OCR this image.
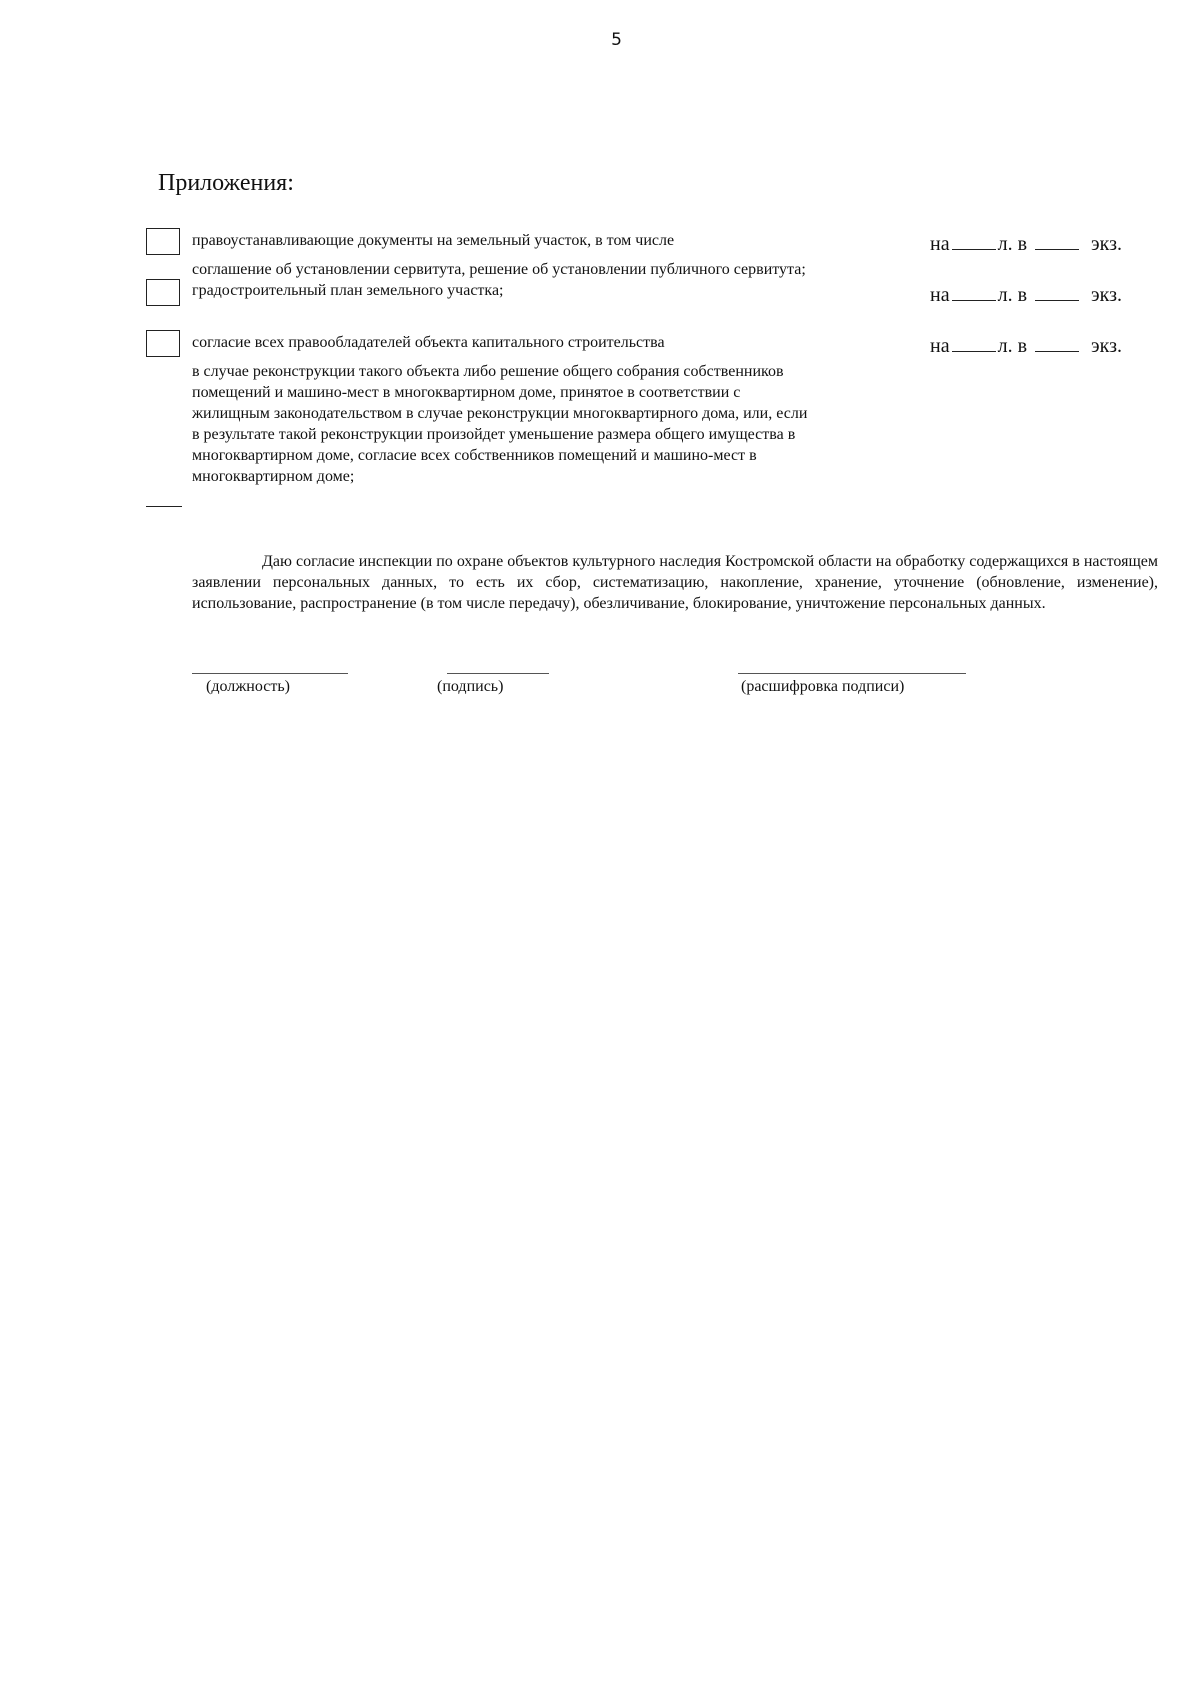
5
Приложения:
правоустанавливающие документы на земельный участок, в том числе	на л. в	экз.
соглашение об установлении сервитута, решение об установлении публичного сервитута;
градостроительный план земельного участка;	на л. в	экз.
согласие всех правообладателей объекта капитального строительства	на л. в	экз.
в случае реконструкции такого объекта либо решение общего собрания собственников
помещений и машино-мест в многоквартирном доме, принятое в соответствии с
жилищным законодательством в случае реконструкции многоквартирного дома, или, если
в результате такой реконструкции произойдет уменьшение размера общего имущества в
многоквартирном доме, согласие всех собственников помещений и машино-мест в
многоквартирном доме;
Даю согласие инспекции по охране объектов культурного наследия Костромской области на обработку содержащихся в настоящем заявлении персональных данных, то есть их сбор, систематизацию, накопление, хранение, уточнение (обновление, изменение), использование, распространение (в том числе передачу), обезличивание, блокирование, уничтожение персональных данных.
(должность)	(подпись)	(расшифровка подписи)
